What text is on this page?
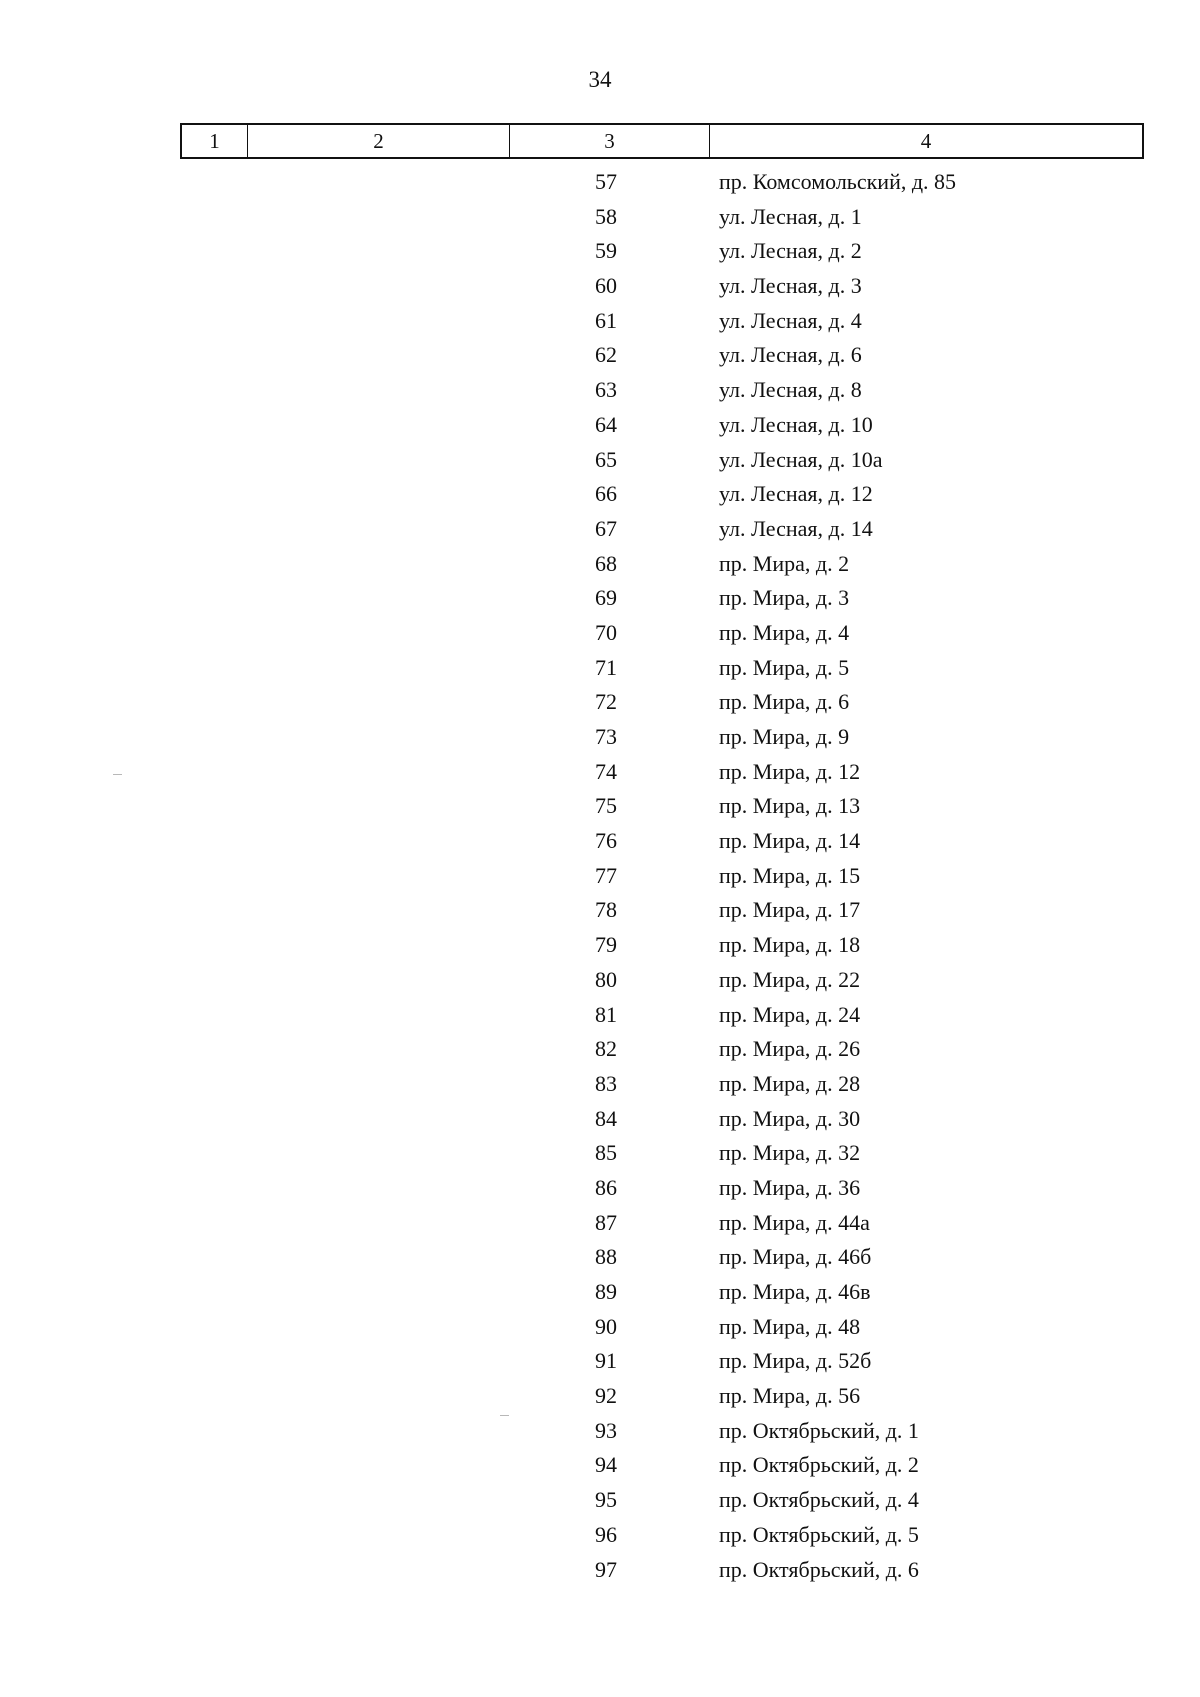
34
1	2	3	4
57	пр. Комсомольский, д. 85
58	ул. Лесная, д. 1
59	ул. Лесная, д. 2
60	ул. Лесная, д. 3
61	ул. Лесная, д. 4
62	ул. Лесная, д. 6
63	ул. Лесная, д. 8
64	ул. Лесная, д. 10
65	ул. Лесная, д. 10а
66	ул. Лесная, д. 12
67	ул. Лесная, д. 14
68	пр. Мира, д. 2
69	пр. Мира, д. 3
70	пр. Мира, д. 4
71	пр. Мира, д. 5
72	пр. Мира, д. 6
73	пр. Мира, д. 9
74	пр. Мира, д. 12
75	пр. Мира, д. 13
76	пр. Мира, д. 14
77	пр. Мира, д. 15
78	пр. Мира, д. 17
79	пр. Мира, д. 18
80	пр. Мира, д. 22
81	пр. Мира, д. 24
82	пр. Мира, д. 26
83	пр. Мира, д. 28
84	пр. Мира, д. 30
85	пр. Мира, д. 32
86	пр. Мира, д. 36
87	пр. Мира, д. 44а
88	пр. Мира, д. 46б
89	пр. Мира, д. 46в
90	пр. Мира, д. 48
91	пр. Мира, д. 52б
92	пр. Мира, д. 56
93	пр. Октябрьский, д. 1
94	пр. Октябрьский, д. 2
95	пр. Октябрьский, д. 4
96	пр. Октябрьский, д. 5
97	пр. Октябрьский, д. 6
